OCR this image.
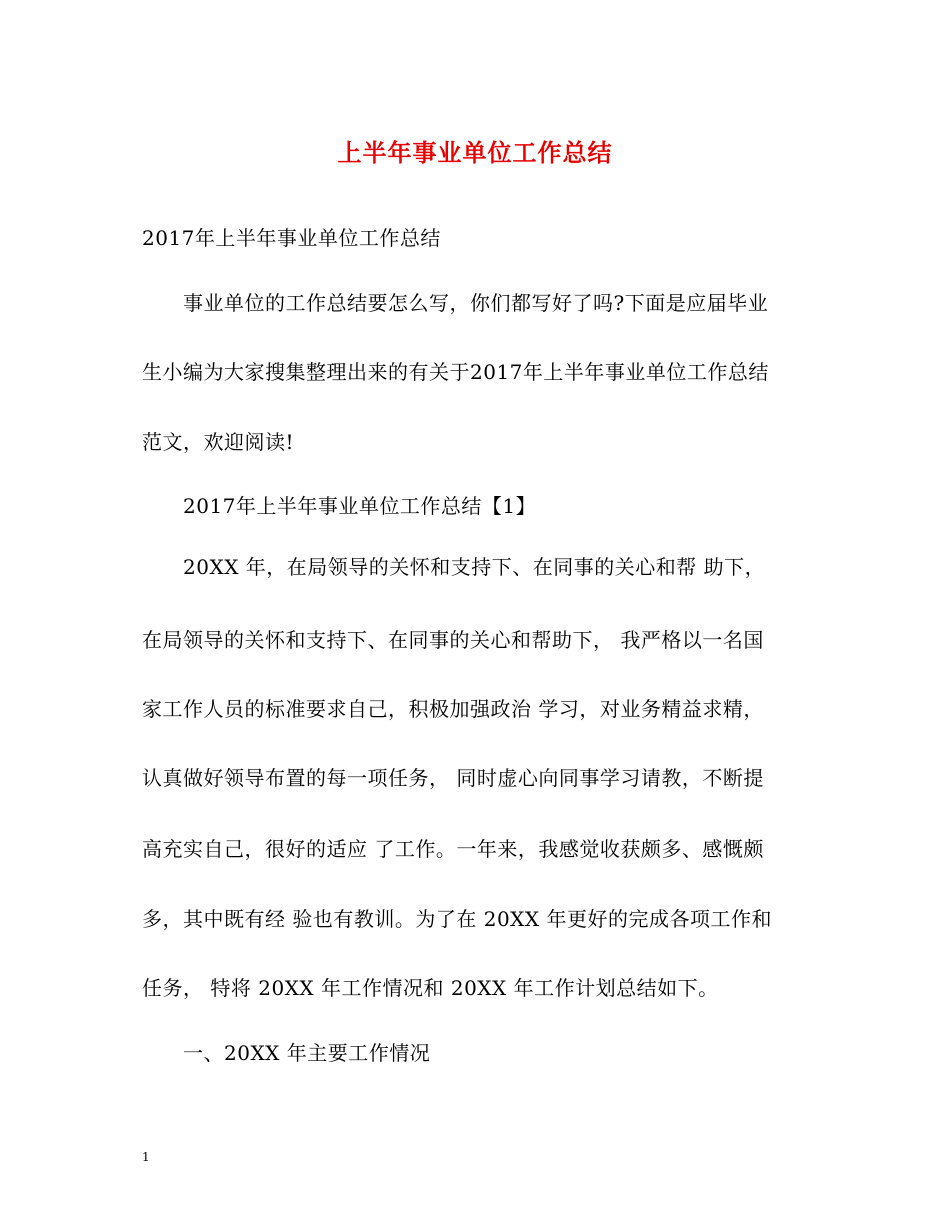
上半年事业单位工作总结
2017年上半年事业单位工作总结
事业单位的工作总结要怎么写，你们都写好了吗?下面是应届毕业
生小编为大家搜集整理出来的有关于2017年上半年事业单位工作总结
范文，欢迎阅读!
2017年上半年事业单位工作总结【1】
20XX 年，在局领导的关怀和支持下、在同事的关心和帮 助下，
在局领导的关怀和支持下、在同事的关心和帮助下， 我严格以一名国
家工作人员的标准要求自己，积极加强政治 学习，对业务精益求精，
认真做好领导布置的每一项任务， 同时虚心向同事学习请教，不断提
高充实自己，很好的适应 了工作。一年来，我感觉收获颇多、感慨颇
多，其中既有经 验也有教训。为了在 20XX 年更好的完成各项工作和
任务， 特将 20XX 年工作情况和 20XX 年工作计划总结如下。
一、20XX 年主要工作情况
1
